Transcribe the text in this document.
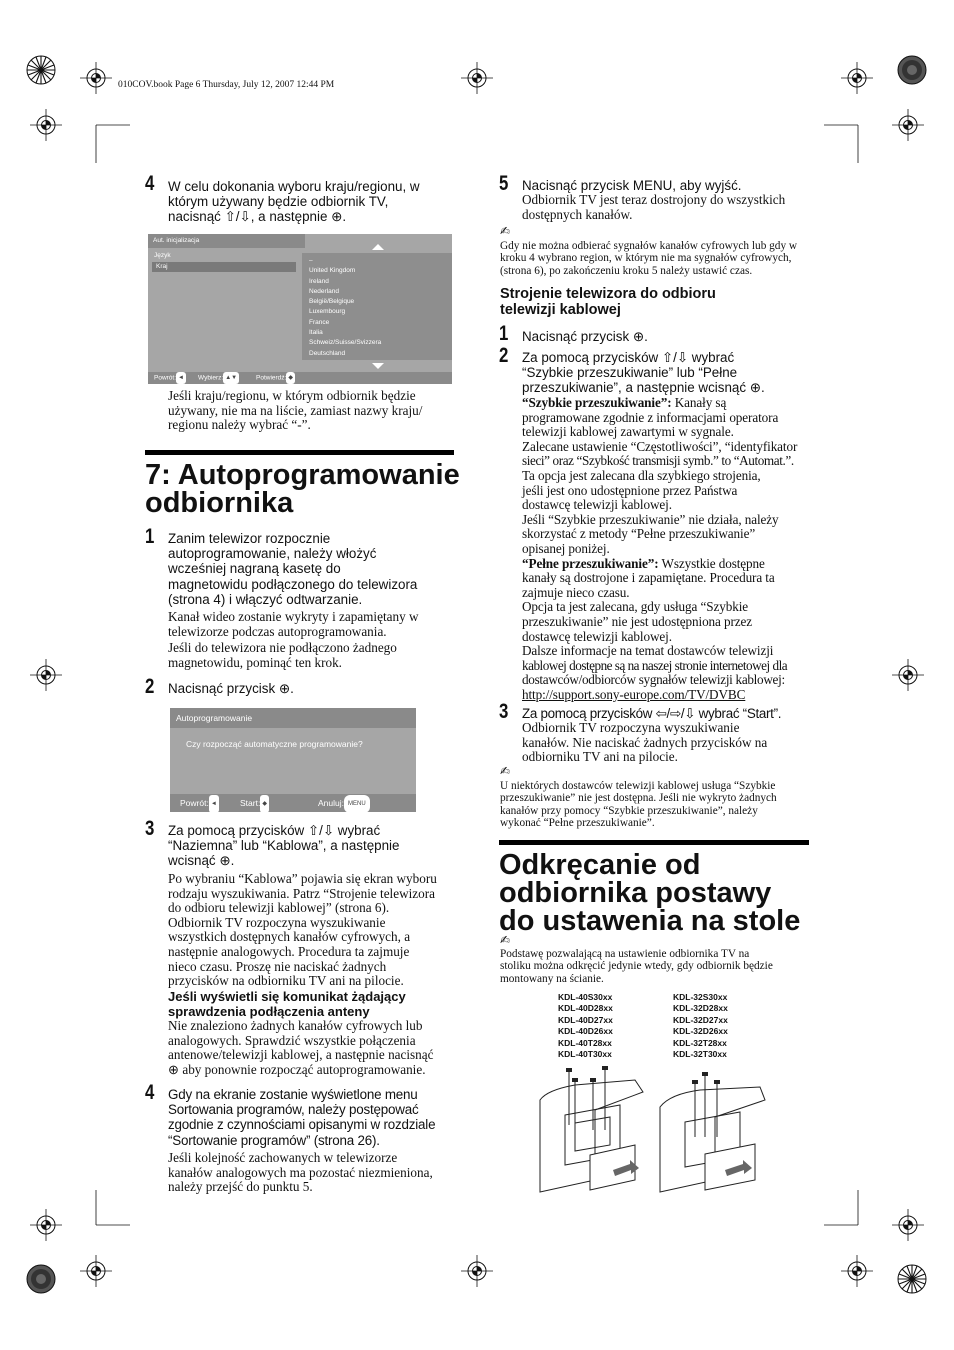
010COV.book Page 6 Thursday, July 12, 2007 12:44 PM
4 W celu dokonania wyboru kraju/regionu, w
którym używany będzie odbiornik TV,
nacisnąć ⇧/⇩, a następnie ⊕.
Aut. inicjalizacja
Język
Kraj
–
United Kingdom
Ireland
Nederland
België/Belgique
Luxembourg
France
Italia
Schweiz/Suisse/Svizzera
Deutschland
Powrót: ◄	Wybierz: ▲▼	Potwierdź: ◆
Jeśli kraju/regionu, w którym odbiornik będzie
używany, nie ma na liście, zamiast nazwy kraju/
regionu należy wybrać “-”.
7: Autoprogramowanie
odbiornika
1 Zanim telewizor rozpocznie
autoprogramowanie, należy włożyć
wcześniej nagraną kasetę do
magnetowidu podłączonego do telewizora
(strona 4) i włączyć odtwarzanie.
Kanał wideo zostanie wykryty i zapamiętany w
telewizorze podczas autoprogramowania.
Jeśli do telewizora nie podłączono żadnego
magnetowidu, pominąć ten krok.
2 Nacisnąć przycisk ⊕.
Autoprogramowanie
Czy rozpocząć automatyczne programowanie?
Powrót: ◄	Start: ◆	Anuluj: MENU
3 Za pomocą przycisków ⇧/⇩ wybrać
“Naziemna” lub “Kablowa”, a następnie
wcisnąć ⊕.
Po wybraniu “Kablowa” pojawia się ekran wyboru
rodzaju wyszukiwania. Patrz “Strojenie telewizora
do odbioru telewizji kablowej” (strona 6).
Odbiornik TV rozpoczyna wyszukiwanie
wszystkich dostępnych kanałów cyfrowych, a
następnie analogowych. Procedura ta zajmuje
nieco czasu. Proszę nie naciskać żadnych
przycisków na odbiorniku TV ani na pilocie.
Jeśli wyświetli się komunikat żądający
sprawdzenia podłączenia anteny
Nie znaleziono żadnych kanałów cyfrowych lub
analogowych. Sprawdzić wszystkie połączenia
antenowe/telewizji kablowej, a następnie nacisnąć
⊕ aby ponownie rozpocząć autoprogramowanie.
4 Gdy na ekranie zostanie wyświetlone menu
Sortowania programów, należy postępować
zgodnie z czynnościami opisanymi w rozdziale
“Sortowanie programów” (strona 26).
Jeśli kolejność zachowanych w telewizorze
kanałów analogowych ma pozostać niezmieniona,
należy przejść do punktu 5.
5 Nacisnąć przycisk MENU, aby wyjść.
Odbiornik TV jest teraz dostrojony do wszystkich
dostępnych kanałów.
✍
Gdy nie można odbierać sygnałów kanałów cyfrowych lub gdy w
kroku 4 wybrano region, w którym nie ma sygnałów cyfrowych,
(strona 6), po zakończeniu kroku 5 należy ustawić czas.
Strojenie telewizora do odbioru
telewizji kablowej
1 Nacisnąć przycisk ⊕.
2 Za pomocą przycisków ⇧/⇩ wybrać
“Szybkie przeszukiwanie” lub “Pełne
przeszukiwanie”, a następnie wcisnąć ⊕.
“Szybkie przeszukiwanie”: Kanały są
programowane zgodnie z informacjami operatora
telewizji kablowej zawartymi w sygnale.
Zalecane ustawienie “Częstotliwości”, “identyfikator
sieci” oraz “Szybkość transmisji symb.” to “Automat.”.
Ta opcja jest zalecana dla szybkiego strojenia,
jeśli jest ono udostępnione przez Państwa
dostawcę telewizji kablowej.
Jeśli “Szybkie przeszukiwanie” nie działa, należy
skorzystać z metody “Pełne przeszukiwanie”
opisanej poniżej.
“Pełne przeszukiwanie”: Wszystkie dostępne
kanały są dostrojone i zapamiętane. Procedura ta
zajmuje nieco czasu.
Opcja ta jest zalecana, gdy usługa “Szybkie
przeszukiwanie” nie jest udostępniona przez
dostawcę telewizji kablowej.
Dalsze informacje na temat dostawców telewizji
kablowej dostępne są na naszej stronie internetowej dla
dostawców/odbiorców sygnałów telewizji kablowej:
http://support.sony-europe.com/TV/DVBC
3 Za pomocą przycisków ⇦/⇨/⇩ wybrać “Start”.
Odbiornik TV rozpoczyna wyszukiwanie
kanałów. Nie naciskać żadnych przycisków na
odbiorniku TV ani na pilocie.
✍
U niektórych dostawców telewizji kablowej usługa “Szybkie
przeszukiwanie” nie jest dostępna. Jeśli nie wykryto żadnych
kanałów przy pomocy “Szybkie przeszukiwanie”, należy
wykonać “Pełne przeszukiwanie”.
Odkręcanie od
odbiornika postawy
do ustawenia na stole
✍
Podstawę pozwalającą na ustawienie odbiornika TV na
stoliku można odkręcić jedynie wtedy, gdy odbiornik będzie
montowany na ścianie.
KDL-40S30xx
KDL-40D28xx
KDL-40D27xx
KDL-40D26xx
KDL-40T28xx
KDL-40T30xx
KDL-32S30xx
KDL-32D28xx
KDL-32D27xx
KDL-32D26xx
KDL-32T28xx
KDL-32T30xx
